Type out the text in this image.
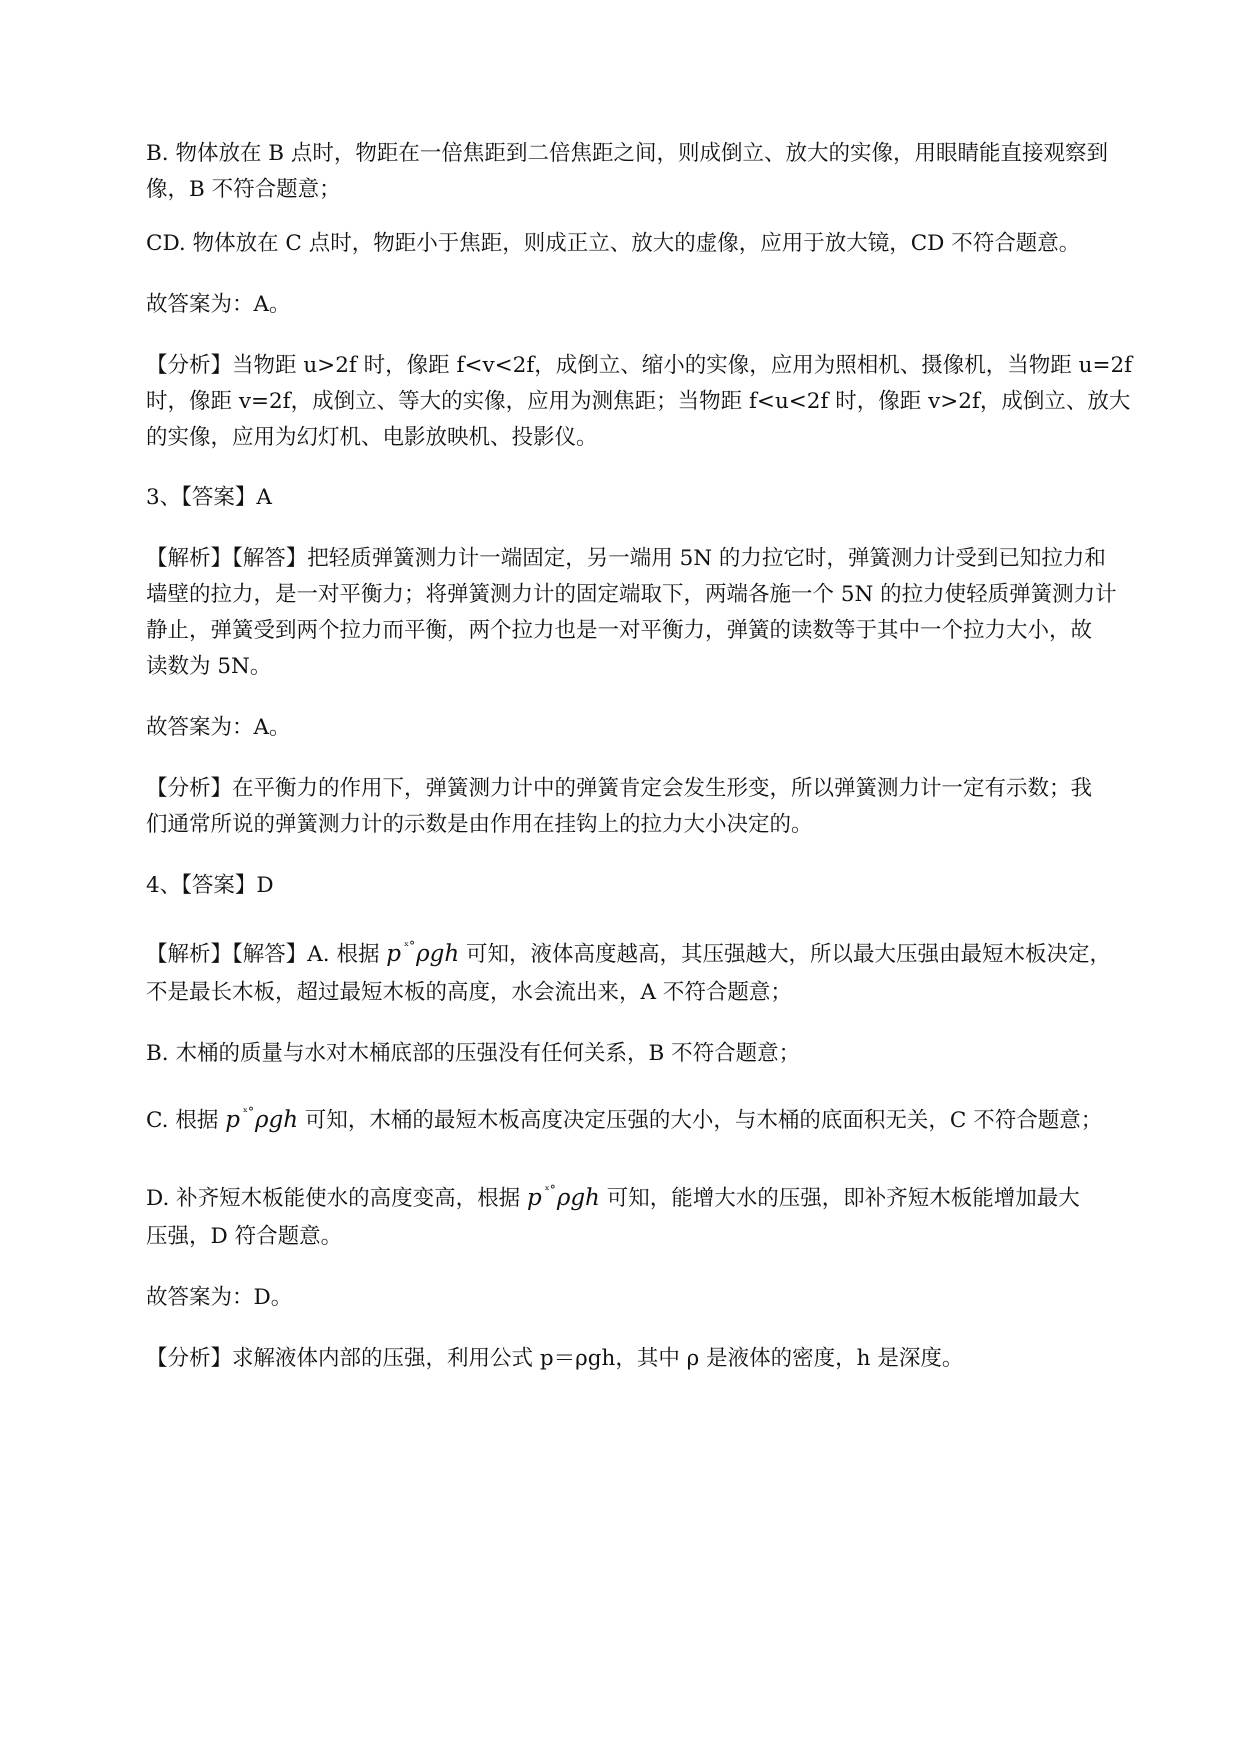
B. 物体放在 B 点时，物距在一倍焦距到二倍焦距之间，则成倒立、放大的实像，用眼睛能直接观察到
像，B 不符合题意；
CD. 物体放在 C 点时，物距小于焦距，则成正立、放大的虚像，应用于放大镜，CD 不符合题意。
故答案为：A。
【分析】当物距 u>2f 时，像距 f<v<2f，成倒立、缩小的实像，应用为照相机、摄像机，当物距 u=2f
时，像距 v=2f，成倒立、等大的实像，应用为测焦距；当物距 f<u<2f 时，像距 v>2f，成倒立、放大
的实像，应用为幻灯机、电影放映机、投影仪。
3、【答案】A
【解析】【解答】把轻质弹簧测力计一端固定，另一端用 5N 的力拉它时，弹簧测力计受到已知拉力和
墙壁的拉力，是一对平衡力；将弹簧测力计的固定端取下，两端各施一个 5N 的拉力使轻质弹簧测力计
静止，弹簧受到两个拉力而平衡，两个拉力也是一对平衡力，弹簧的读数等于其中一个拉力大小，故
读数为 5N。
故答案为：A。
【分析】在平衡力的作用下，弹簧测力计中的弹簧肯定会发生形变，所以弹簧测力计一定有示数；我
们通常所说的弹簧测力计的示数是由作用在挂钩上的拉力大小决定的。
4、【答案】D
【解析】【解答】A. 根据 p $^{ˣ^\circ}$ρgh 可知，液体高度越高，其压强越大，所以最大压强由最短木板决定，
不是最长木板，超过最短木板的高度，水会流出来，A 不符合题意；
B. 木桶的质量与水对木桶底部的压强没有任何关系，B 不符合题意；
C. 根据 p $^{ˣ^\circ}$ρgh 可知，木桶的最短木板高度决定压强的大小，与木桶的底面积无关，C 不符合题意；
D. 补齐短木板能使水的高度变高，根据 p $^{ˣ^\circ}$ρgh 可知，能增大水的压强，即补齐短木板能增加最大
压强，D 符合题意。
故答案为：D。
【分析】求解液体内部的压强，利用公式 p＝ρgh，其中 ρ 是液体的密度，h 是深度。
